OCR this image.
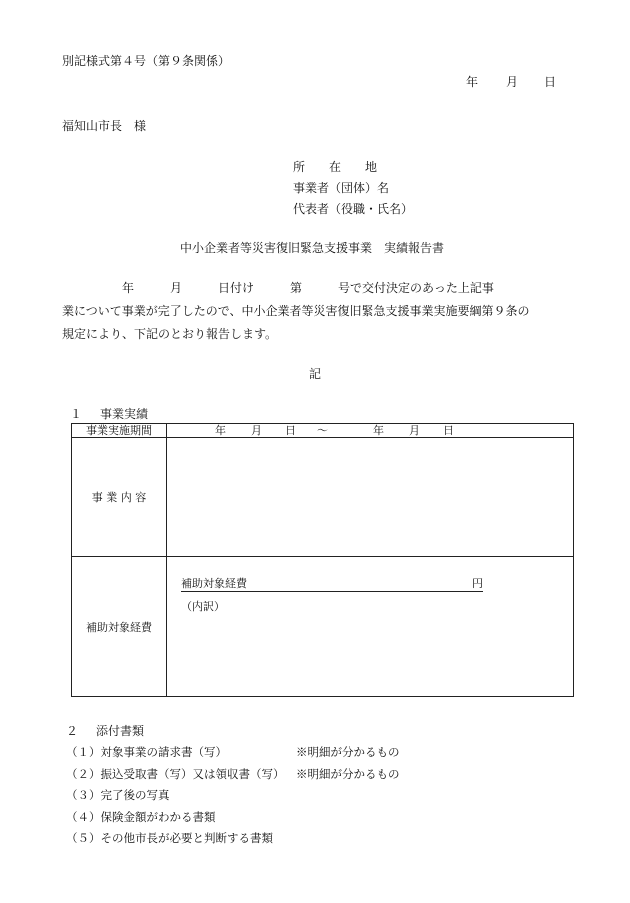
別記様式第４号（第９条関係）
年 月 日
福知山市長　様
所　　在　　地
事業者（団体）名
代表者（役職・氏名）
中小企業者等災害復旧緊急支援事業　実績報告書

　　　　　年　　　月　　　日付け　　　第　　　号で交付決定のあった上記事

業について事業が完了したので、中小企業者等災害復旧緊急支援事業実施要綱第９条の

規定により、下記のとおり報告します。

記
１ 事業実績
事業実施期間	年 月 日 ～ 年 月 日
事 業 内 容	
補助対象経費	補助対象経費 円
（内訳）
２ 添付書類
（１）対象事業の請求書（写）	※明細が分かるもの
（２）振込受取書（写）又は領収書（写） ※明細が分かるもの
（３）完了後の写真
（４）保険金額がわかる書類
（５）その他市長が必要と判断する書類
